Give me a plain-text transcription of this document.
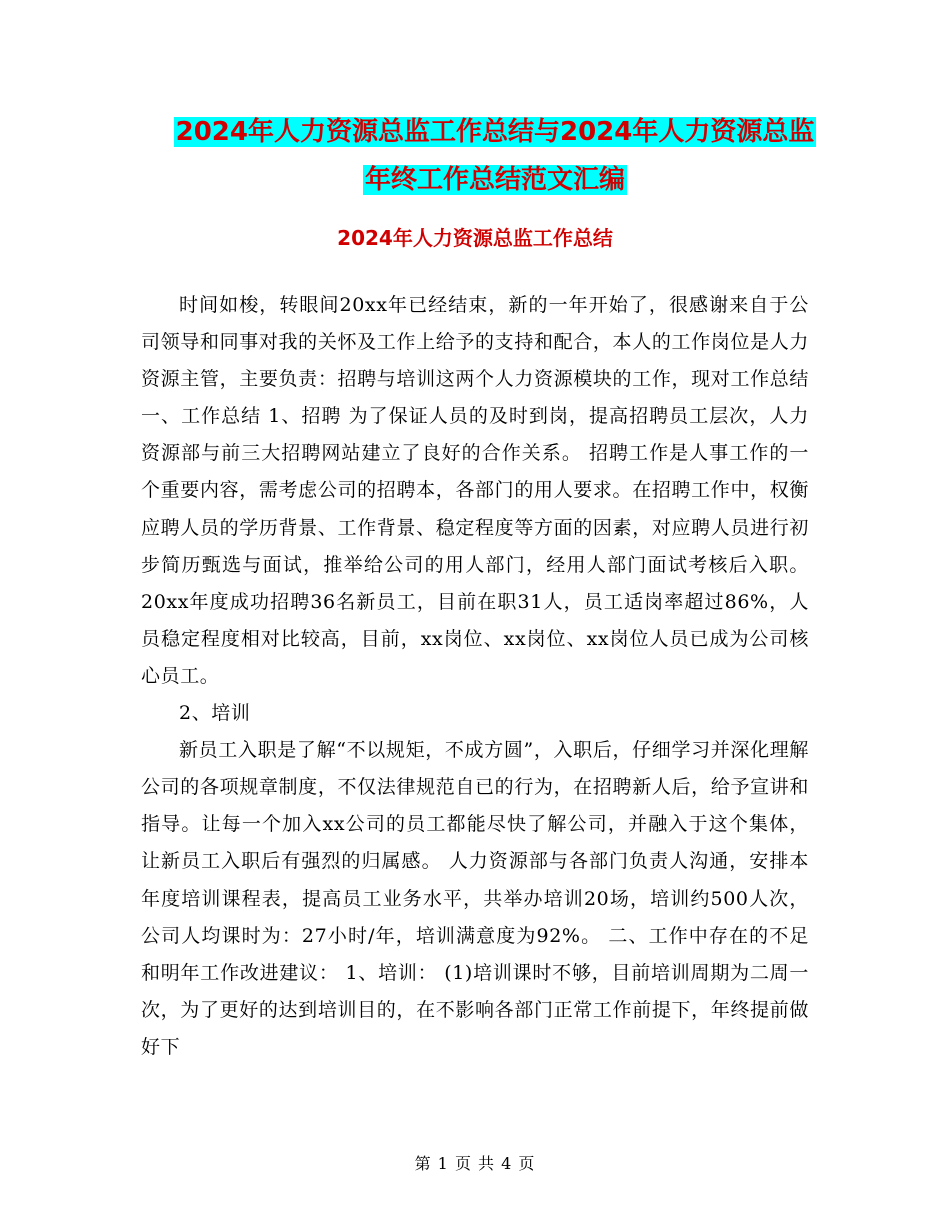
2024年人力资源总监工作总结与2024年人力资源总监
年终工作总结范文汇编
2024年人力资源总监工作总结

时间如梭，转眼间20xx年已经结束，新的一年开始了，很感谢来自于公司领导和同事对我的关怀及工作上给予的支持和配合，本人的工作岗位是人力资源主管，主要负责：招聘与培训这两个人力资源模块的工作，现对工作总结 一、工作总结 1、招聘 为了保证人员的及时到岗，提高招聘员工层次，人力资源部与前三大招聘网站建立了良好的合作关系。 招聘工作是人事工作的一个重要内容，需考虑公司的招聘本，各部门的用人要求。在招聘工作中，权衡应聘人员的学历背景、工作背景、稳定程度等方面的因素，对应聘人员进行初步简历甄选与面试，推举给公司的用人部门，经用人部门面试考核后入职。20xx年度成功招聘36名新员工，目前在职31人，员工适岗率超过86%，人员稳定程度相对比较高，目前，xx岗位、xx岗位、xx岗位人员已成为公司核心员工。

2、培训

新员工入职是了解“不以规矩，不成方圆”，入职后，仔细学习并深化理解公司的各项规章制度，不仅法律规范自已的行为，在招聘新人后，给予宣讲和指导。让每一个加入xx公司的员工都能尽快了解公司，并融入于这个集体，让新员工入职后有强烈的归属感。 人力资源部与各部门负责人沟通，安排本年度培训课程表，提高员工业务水平，共举办培训20场，培训约500人次，公司人均课时为：27小时/年，培训满意度为92%。 二、工作中存在的不足和明年工作改进建议： 1、培训： (1)培训课时不够，目前培训周期为二周一次，为了更好的达到培训目的，在不影响各部门正常工作前提下，年终提前做好下

第 1 页 共 4 页
